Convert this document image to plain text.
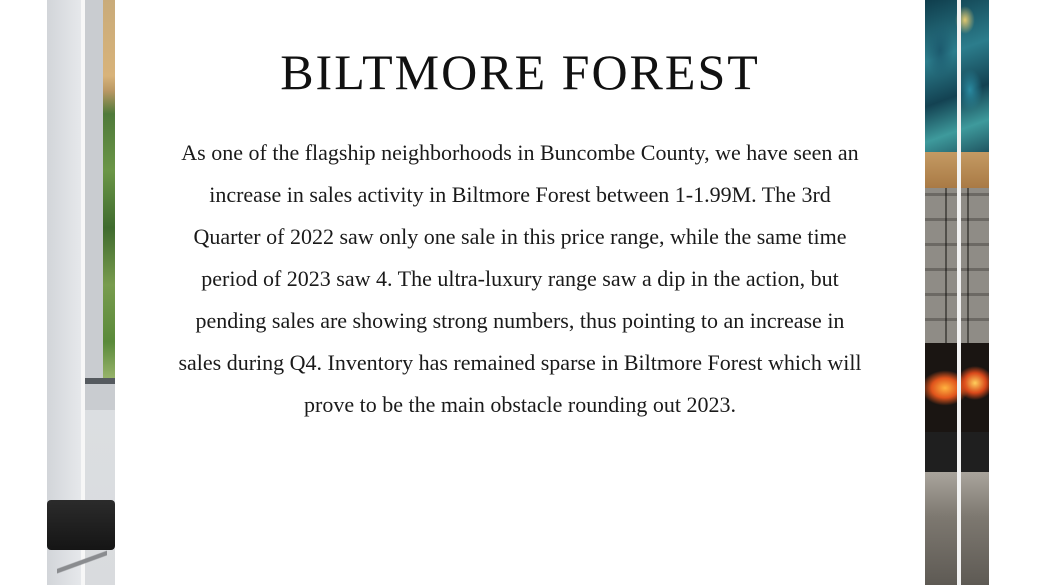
BILTMORE FOREST

As one of the flagship neighborhoods in Buncombe County, we have seen an increase in sales activity in Biltmore Forest between 1-1.99M. The 3rd Quarter of 2022 saw only one sale in this price range, while the same time period of 2023 saw 4. The ultra-luxury range saw a dip in the action, but pending sales are showing strong numbers, thus pointing to an increase in sales during Q4. Inventory has remained sparse in Biltmore Forest which will prove to be the main obstacle rounding out 2023.
